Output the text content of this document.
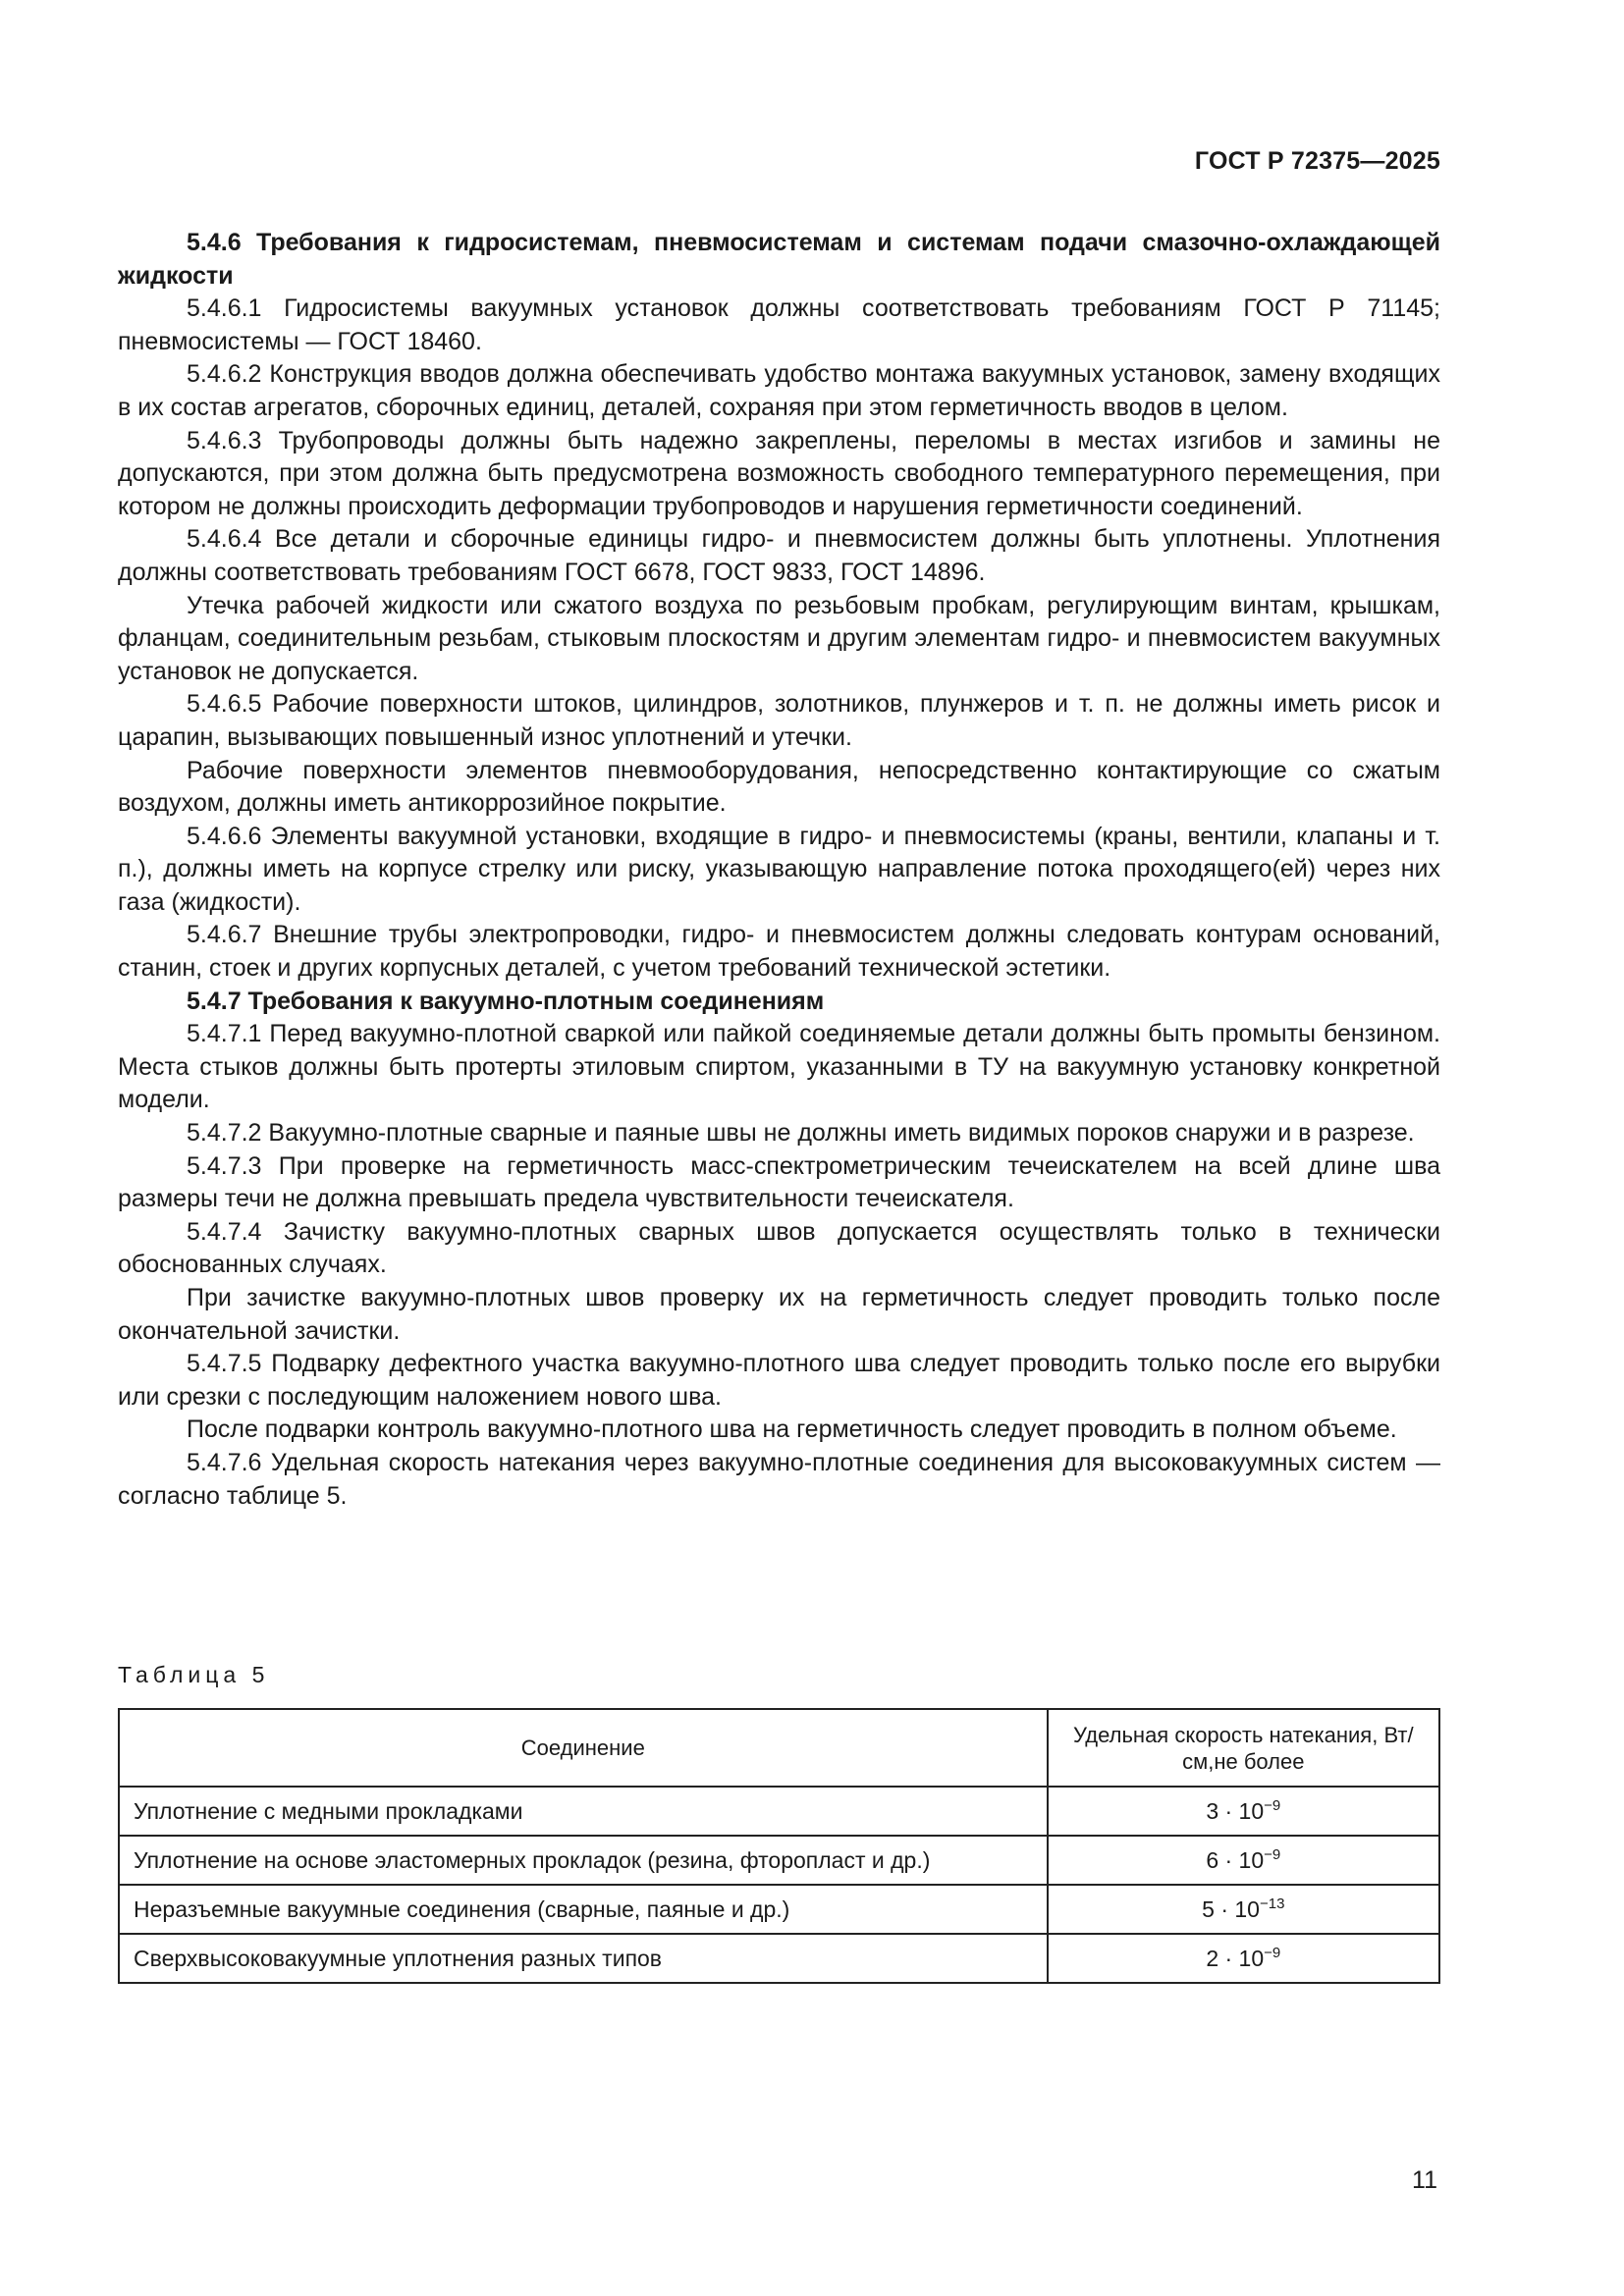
ГОСТ Р 72375—2025

5.4.6 Требования к гидросистемам, пневмосистемам и системам подачи смазочно-охлаждающей жидкости

5.4.6.1 Гидросистемы вакуумных установок должны соответствовать требованиям ГОСТ Р 71145; пневмосистемы — ГОСТ 18460.

5.4.6.2 Конструкция вводов должна обеспечивать удобство монтажа вакуумных установок, замену входящих в их состав агрегатов, сборочных единиц, деталей, сохраняя при этом герметичность вводов в целом.

5.4.6.3 Трубопроводы должны быть надежно закреплены, переломы в местах изгибов и замины не допускаются, при этом должна быть предусмотрена возможность свободного температурного перемещения, при котором не должны происходить деформации трубопроводов и нарушения герметичности соединений.

5.4.6.4 Все детали и сборочные единицы гидро- и пневмосистем должны быть уплотнены. Уплотнения должны соответствовать требованиям ГОСТ 6678, ГОСТ 9833, ГОСТ 14896.

Утечка рабочей жидкости или сжатого воздуха по резьбовым пробкам, регулирующим винтам, крышкам, фланцам, соединительным резьбам, стыковым плоскостям и другим элементам гидро- и пневмосистем вакуумных установок не допускается.

5.4.6.5 Рабочие поверхности штоков, цилиндров, золотников, плунжеров и т. п. не должны иметь рисок и царапин, вызывающих повышенный износ уплотнений и утечки.

Рабочие поверхности элементов пневмооборудования, непосредственно контактирующие со сжатым воздухом, должны иметь антикоррозийное покрытие.

5.4.6.6 Элементы вакуумной установки, входящие в гидро- и пневмосистемы (краны, вентили, клапаны и т. п.), должны иметь на корпусе стрелку или риску, указывающую направление потока проходящего(ей) через них газа (жидкости).

5.4.6.7 Внешние трубы электропроводки, гидро- и пневмосистем должны следовать контурам оснований, станин, стоек и других корпусных деталей, с учетом требований технической эстетики.

5.4.7 Требования к вакуумно-плотным соединениям

5.4.7.1 Перед вакуумно-плотной сваркой или пайкой соединяемые детали должны быть промыты бензином. Места стыков должны быть протерты этиловым спиртом, указанными в ТУ на вакуумную установку конкретной модели.

5.4.7.2 Вакуумно-плотные сварные и паяные швы не должны иметь видимых пороков снаружи и в разрезе.

5.4.7.3 При проверке на герметичность масс-спектрометрическим течеискателем на всей длине шва размеры течи не должна превышать предела чувствительности течеискателя.

5.4.7.4 Зачистку вакуумно-плотных сварных швов допускается осуществлять только в технически обоснованных случаях.

При зачистке вакуумно-плотных швов проверку их на герметичность следует проводить только после окончательной зачистки.

5.4.7.5 Подварку дефектного участка вакуумно-плотного шва следует проводить только после его вырубки или срезки с последующим наложением нового шва.

После подварки контроль вакуумно-плотного шва на герметичность следует проводить в полном объеме.

5.4.7.6 Удельная скорость натекания через вакуумно-плотные соединения для высоковакуумных систем — согласно таблице 5.

Таблица 5
Соединение	Удельная скорость натекания, Вт/см,не более
Уплотнение с медными прокладками	$3 \cdot 10^{-9}$
Уплотнение на основе эластомерных прокладок (резина, фторопласт и др.)	$6 \cdot 10^{-9}$
Неразъемные вакуумные соединения (сварные, паяные и др.)	$5 \cdot 10^{-13}$
Сверхвысоковакуумные уплотнения разных типов	$2 \cdot 10^{-9}$
11
